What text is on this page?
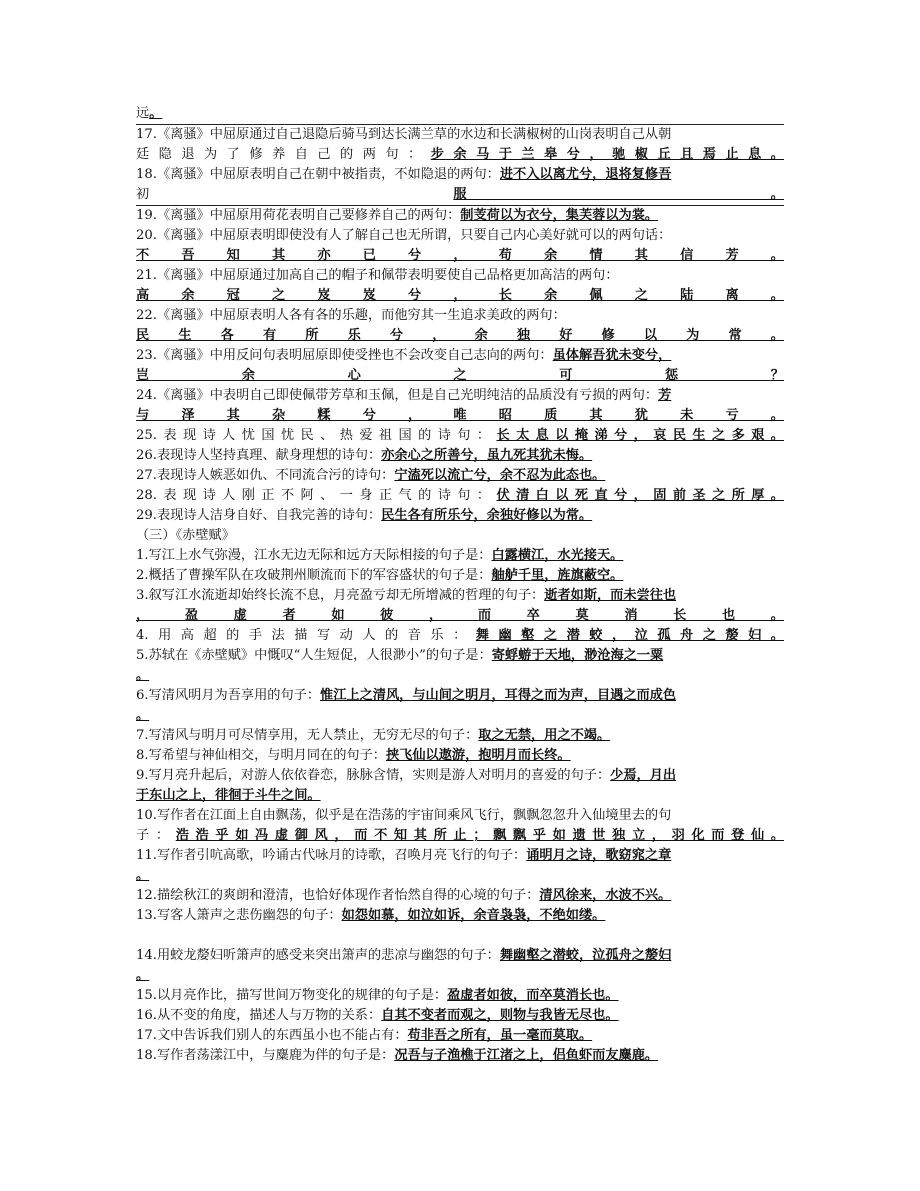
远。
17.《离骚》中屈原通过自己退隐后骑马到达长满兰草的水边和长满椒树的山岗表明自己从朝
廷隐退为了修养自己的两句：步余马于兰皋兮，驰椒丘且焉止息。
18.《离骚》中屈原表明自己在朝中被指责，不如隐退的两句：进不入以离尤兮，退将复修吾
初服。
19.《离骚》中屈原用荷花表明自己要修养自己的两句：制芰荷以为衣兮，集芙蓉以为裳。
20.《离骚》中屈原表明即使没有人了解自己也无所谓，只要自己内心美好就可以的两句话：
不吾知其亦已兮，苟余情其信芳。
21.《离骚》中屈原通过加高自己的帽子和佩带表明要使自己品格更加高洁的两句：
高余冠之岌岌兮，长余佩之陆离。
22.《离骚》中屈原表明人各有各的乐趣，而他穷其一生追求美政的两句：
民生各有所乐兮，余独好修以为常。
23.《离骚》中用反问句表明屈原即使受挫也不会改变自己志向的两句：虽体解吾犹未变兮，
岂余心之可惩？
24.《离骚》中表明自己即使佩带芳草和玉佩，但是自己光明纯洁的品质没有亏损的两句：芳
与泽其杂糅兮，唯昭质其犹未亏。
25.表现诗人忧国忧民、热爱祖国的诗句：长太息以掩涕兮，哀民生之多艰。
26.表现诗人坚持真理、献身理想的诗句：亦余心之所善兮，虽九死其犹未悔。
27.表现诗人嫉恶如仇、不同流合污的诗句：宁溘死以流亡兮，余不忍为此态也。
28.表现诗人刚正不阿、一身正气的诗句：伏清白以死直兮，固前圣之所厚。
29.表现诗人洁身自好、自我完善的诗句：民生各有所乐兮，余独好修以为常。
（三）《赤壁赋》
1.写江上水气弥漫，江水无边无际和远方天际相接的句子是：白露横江，水光接天。
2.概括了曹操军队在攻破荆州顺流而下的军容盛状的句子是：舳舻千里，旌旗蔽空。
3.叙写江水流逝却始终长流不息，月亮盈亏却无所增减的哲理的句子：逝者如斯，而未尝往也
，盈虚者如彼，而卒莫消长也。
4.用高超的手法描写动人的音乐：舞幽壑之潜蛟，泣孤舟之嫠妇。
5.苏轼在《赤壁赋》中慨叹“人生短促，人很渺小”的句子是：寄蜉蝣于天地，渺沧海之一粟
。
6.写清风明月为吾享用的句子：惟江上之清风，与山间之明月，耳得之而为声，目遇之而成色
。
7.写清风与明月可尽情享用，无人禁止，无穷无尽的句子：取之无禁，用之不竭。
8.写希望与神仙相交，与明月同在的句子：挟飞仙以遨游，抱明月而长终。
9.写月亮升起后，对游人依依眷恋，脉脉含情，实则是游人对明月的喜爱的句子：少焉，月出
于东山之上，徘徊于斗牛之间。
10.写作者在江面上自由飘荡，似乎是在浩荡的宇宙间乘风飞行，飘飘忽忽升入仙境里去的句
子：浩浩乎如冯虚御风，而不知其所止；飘飘乎如遗世独立，羽化而登仙。
11.写作者引吭高歌，吟诵古代咏月的诗歌，召唤月亮飞行的句子：诵明月之诗，歌窈窕之章
。
12.描绘秋江的爽朗和澄清，也恰好体现作者怡然自得的心境的句子：清风徐来，水波不兴。
13.写客人箫声之悲伤幽怨的句子：如怨如慕，如泣如诉，余音袅袅，不绝如缕。
14.用蛟龙嫠妇听箫声的感受来突出箫声的悲凉与幽怨的句子：舞幽壑之潜蛟，泣孤舟之嫠妇
。
15.以月亮作比，描写世间万物变化的规律的句子是：盈虚者如彼，而卒莫消长也。
16.从不变的角度，描述人与万物的关系：自其不变者而观之，则物与我皆无尽也。
17.文中告诉我们别人的东西虽小也不能占有：苟非吾之所有，虽一毫而莫取。
18.写作者荡漾江中，与麋鹿为伴的句子是：况吾与子渔樵于江渚之上，侣鱼虾而友麋鹿。
